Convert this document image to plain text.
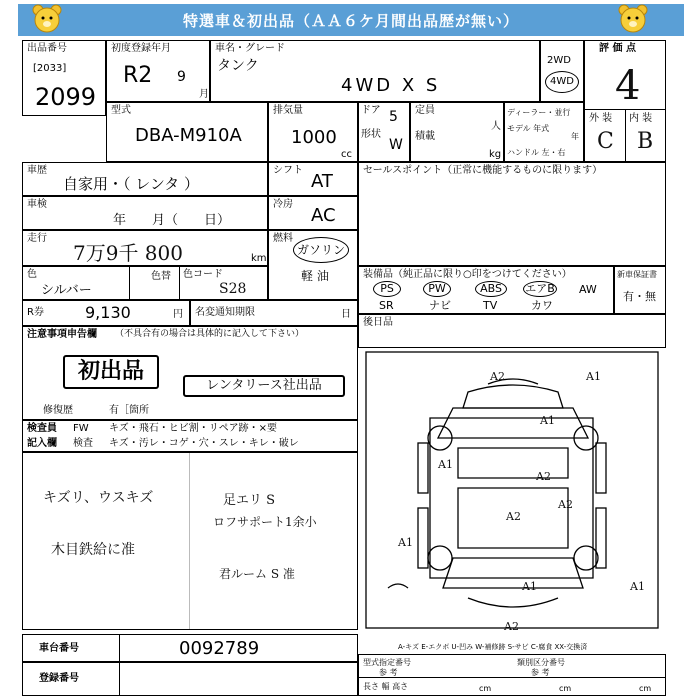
特選車＆初出品（ＡＡ６ケ月間出品歴が無い）
出品番号
[2033]
2099
初度登録年月
R2 9
月
車名・グレード
タンク
4WD X S
2WD
4WD
評 価 点
4
外 装 内 装
C B
型式
DBA-M910A
排気量
1000
cc
ドア 5
形状
W
定員
人
積載
kg
ディーラー・並行
モデル 年式
年
ハンドル 左・右
車歴
自家用・（ レンタ ）
シフト
AT
車検
年　　月（　　日）
冷房
AC
走行
7万9千 800	km
燃料
ガソリン
軽 油
色
シルバー
色替 色コード
S28
R券	9,130	円 名変通知期限	日
セールスポイント（正常に機能するものに限ります）
装備品（純正品に限り○印をつけてください）
PS	PW	ABS	エアB AW
SR	ナビ	TV	カワ
新車保証書
有・無
後日品
注意事項申告欄 （不具合有の場合は具体的に記入して下さい）
初出品
レンタリース社出品
修復歴	有［箇所
検査員
記入欄
FW
検査
キズ・飛石・ヒビ割・リペア跡・×要
キズ・汚レ・コゲ・穴・スレ・キレ・破レ
キズリ、ウスキズ
木目鉄給に准
足エリ S
ロフサポート1余小
君ルーム S 准
A2	A1
A1
A2
A2
A1
A2
A1
A1	A1
A2
A-キズ E-エクボ U-凹み W-補修跡 S-サビ C-腐食 XX-交換済
車台番号	0092789
登録番号
型式指定番号
参 考
類別区分番号
参 考
長さ 幅 高さ	cm	cm	cm
